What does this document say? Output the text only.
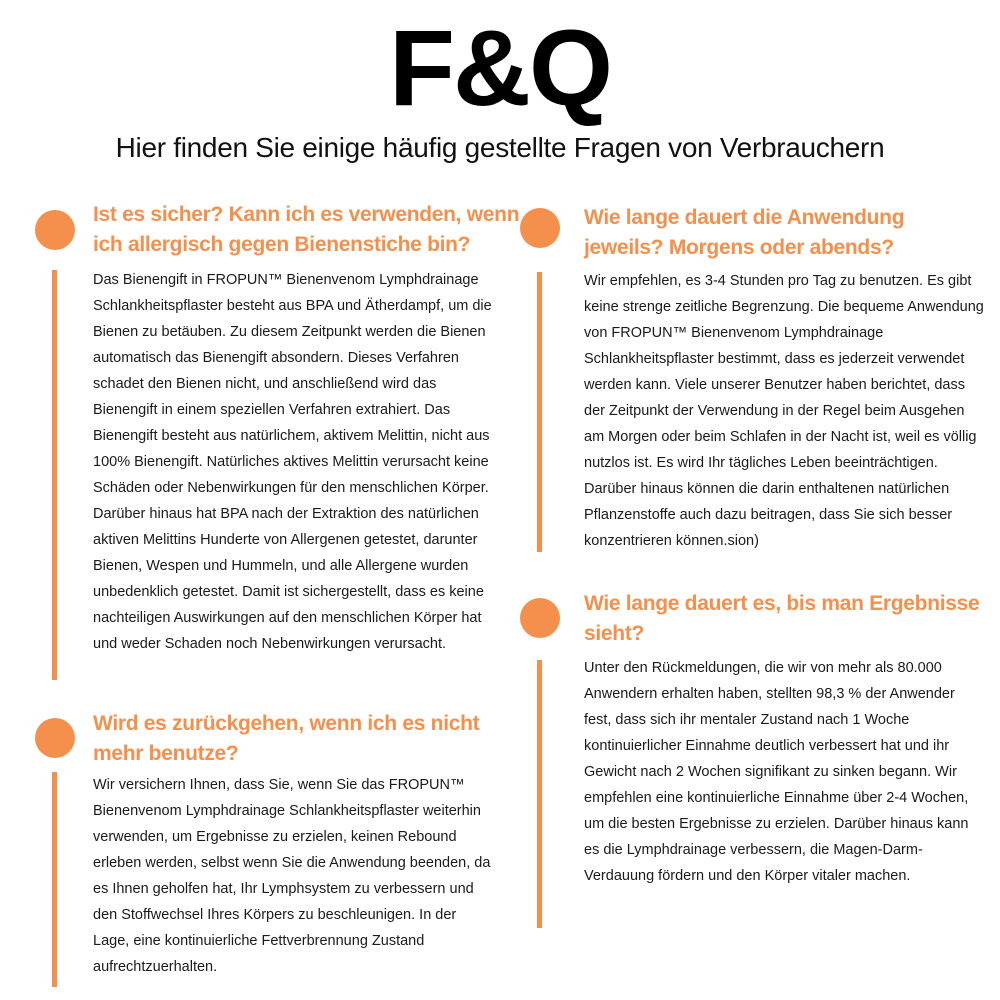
F&Q
Hier finden Sie einige häufig gestellte Fragen von Verbrauchern
Ist es sicher? Kann ich es verwenden, wenn ich allergisch gegen Bienenstiche bin?
Das Bienengift in FROPUN™ Bienenvenom Lymphdrainage Schlankheitspflaster besteht aus BPA und Ätherdampf, um die Bienen zu betäuben. Zu diesem Zeitpunkt werden die Bienen automatisch das Bienengift absondern. Dieses Verfahren schadet den Bienen nicht, und anschließend wird das Bienengift in einem speziellen Verfahren extrahiert. Das Bienengift besteht aus natürlichem, aktivem Melittin, nicht aus 100% Bienengift. Natürliches aktives Melittin verursacht keine Schäden oder Nebenwirkungen für den menschlichen Körper. Darüber hinaus hat BPA nach der Extraktion des natürlichen aktiven Melittins Hunderte von Allergenen getestet, darunter Bienen, Wespen und Hummeln, und alle Allergene wurden unbedenklich getestet. Damit ist sichergestellt, dass es keine nachteiligen Auswirkungen auf den menschlichen Körper hat und weder Schaden noch Nebenwirkungen verursacht.
Wird es zurückgehen, wenn ich es nicht mehr benutze?
Wir versichern Ihnen, dass Sie, wenn Sie das FROPUN™ Bienenvenom Lymphdrainage Schlankheitspflaster weiterhin verwenden, um Ergebnisse zu erzielen, keinen Rebound erleben werden, selbst wenn Sie die Anwendung beenden, da es Ihnen geholfen hat, Ihr Lymphsystem zu verbessern und den Stoffwechsel Ihres Körpers zu beschleunigen. In der Lage, eine kontinuierliche Fettverbrennung Zustand aufrechtzuerhalten.
Wie lange dauert die Anwendung jeweils? Morgens oder abends?
Wir empfehlen, es 3-4 Stunden pro Tag zu benutzen. Es gibt keine strenge zeitliche Begrenzung. Die bequeme Anwendung von FROPUN™ Bienenvenom Lymphdrainage Schlankheitspflaster bestimmt, dass es jederzeit verwendet werden kann. Viele unserer Benutzer haben berichtet, dass der Zeitpunkt der Verwendung in der Regel beim Ausgehen am Morgen oder beim Schlafen in der Nacht ist, weil es völlig nutzlos ist. Es wird Ihr tägliches Leben beeinträchtigen. Darüber hinaus können die darin enthaltenen natürlichen Pflanzenstoffe auch dazu beitragen, dass Sie sich besser konzentrieren können.sion)
Wie lange dauert es, bis man Ergebnisse sieht?
Unter den Rückmeldungen, die wir von mehr als 80.000 Anwendern erhalten haben, stellten 98,3 % der Anwender fest, dass sich ihr mentaler Zustand nach 1 Woche kontinuierlicher Einnahme deutlich verbessert hat und ihr Gewicht nach 2 Wochen signifikant zu sinken begann. Wir empfehlen eine kontinuierliche Einnahme über 2-4 Wochen, um die besten Ergebnisse zu erzielen. Darüber hinaus kann es die Lymphdrainage verbessern, die Magen-Darm-Verdauung fördern und den Körper vitaler machen.
